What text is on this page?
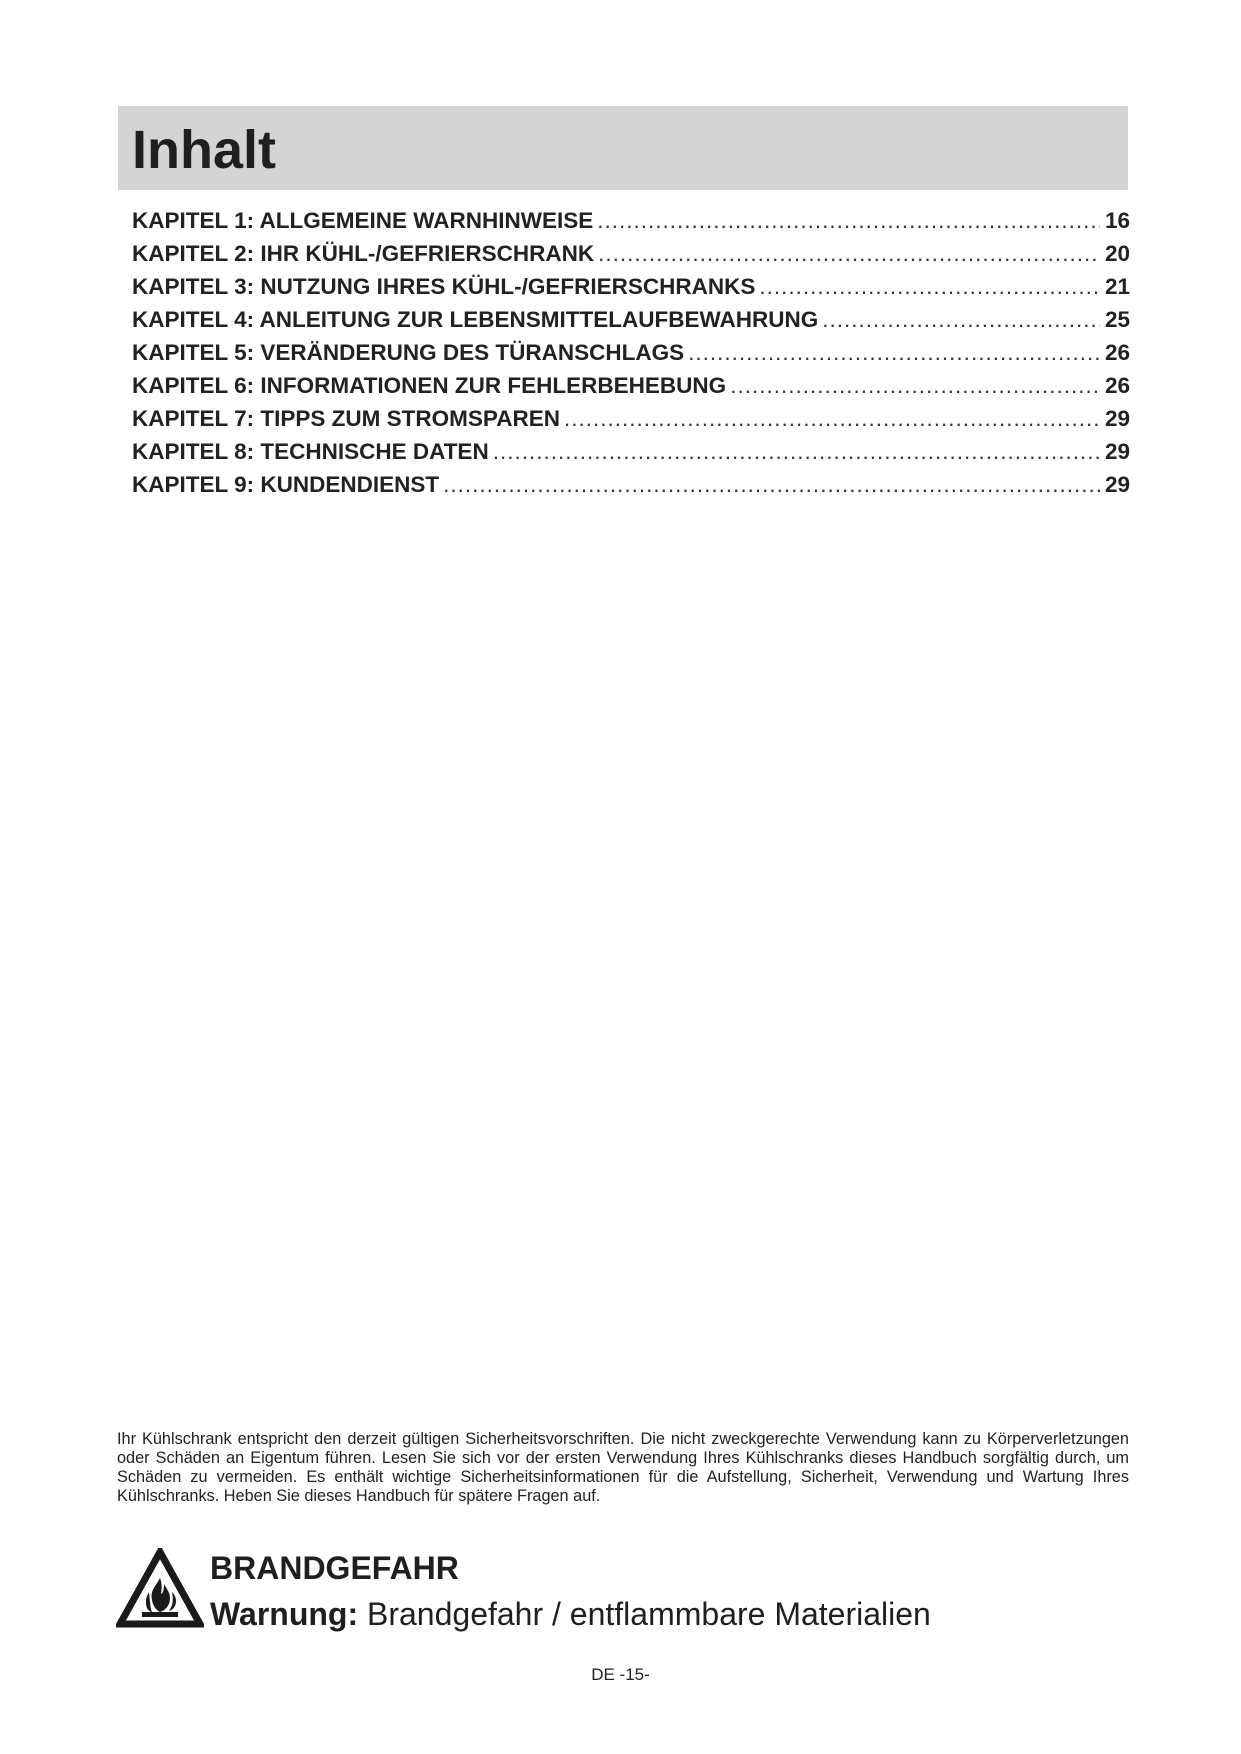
Inhalt
KAPITEL 1: ALLGEMEINE WARNHINWEISE .....	16
KAPITEL 2: IHR KÜHL-/GEFRIERSCHRANK .....	20
KAPITEL 3: NUTZUNG IHRES KÜHL-/GEFRIERSCHRANKS .....	21
KAPITEL 4: ANLEITUNG ZUR LEBENSMITTELAUFBEWAHRUNG .....	25
KAPITEL 5: VERÄNDERUNG DES TÜRANSCHLAGS .....	26
KAPITEL 6: INFORMATIONEN ZUR FEHLERBEHEBUNG .....	26
KAPITEL 7: TIPPS ZUM STROMSPAREN .....	29
KAPITEL 8: TECHNISCHE DATEN .....	29
KAPITEL 9: KUNDENDIENST .....	29

Ihr Kühlschrank entspricht den derzeit gültigen Sicherheitsvorschriften. Die nicht zweckgerechte Verwendung kann zu Körperverletzungen oder Schäden an Eigentum führen. Lesen Sie sich vor der ersten Verwendung Ihres Kühlschranks dieses Handbuch sorgfältig durch, um Schäden zu vermeiden. Es enthält wichtige Sicherheitsinformationen für die Aufstellung, Sicherheit, Verwendung und Wartung Ihres Kühlschranks. Heben Sie dieses Handbuch für spätere Fragen auf.

BRANDGEFAHR

Warnung: Brandgefahr / entflammbare Materialien

DE -15-
